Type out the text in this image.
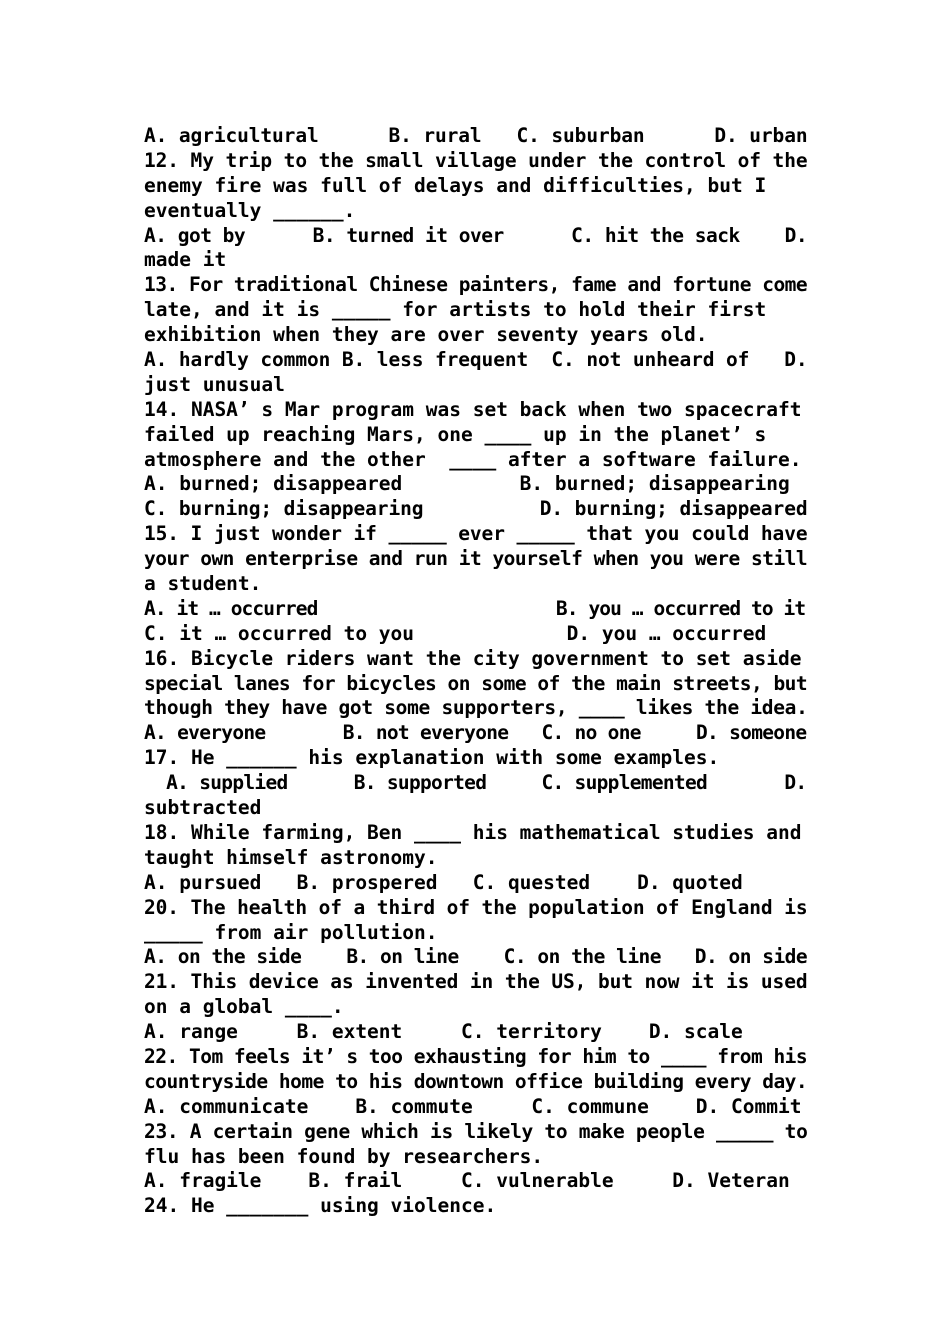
A. agricultural      B. rural   C. suburban      D. urban
12. My trip to the small village under the control of the
enemy fire was full of delays and difficulties, but I
eventually ______.
A. got by      B. turned it over      C. hit the sack    D.
made it
13. For traditional Chinese painters, fame and fortune come
late, and it is _____ for artists to hold their first
exhibition when they are over seventy years old.
A. hardly common B. less frequent  C. not unheard of   D.
just unusual
14. NASA’ s Mar program was set back when two spacecraft
failed up reaching Mars, one ____ up in the planet’ s
atmosphere and the other  ____ after a software failure.
A. burned; disappeared          B. burned; disappearing
C. burning; disappearing          D. burning; disappeared
15. I just wonder if _____ ever _____ that you could have
your own enterprise and run it yourself when you were still
a student.
A. it … occurred                      B. you … occurred to it
C. it … occurred to you             D. you … occurred
16. Bicycle riders want the city government to set aside
special lanes for bicycles on some of the main streets, but
though they have got some supporters, ____ likes the idea.
A. everyone       B. not everyone   C. no one     D. someone
17. He ______ his explanation with some examples.
A. supplied      B. supported     C. supplemented       D.
subtracted
18. While farming, Ben ____ his mathematical studies and
taught himself astronomy.
A. pursued   B. prospered   C. quested    D. quoted
20. The health of a third of the population of England is
_____ from air pollution.
A. on the side    B. on line    C. on the line   D. on side
21. This device as invented in the US, but now it is used
on a global ____.
A. range     B. extent     C. territory    D. scale
22. Tom feels it’ s too exhausting for him to ____ from his
countryside home to his downtown office building every day.
A. communicate    B. commute     C. commune    D. Commit
23. A certain gene which is likely to make people _____ to
flu has been found by researchers.
A. fragile    B. frail     C. vulnerable     D. Veteran
24. He _______ using violence.
